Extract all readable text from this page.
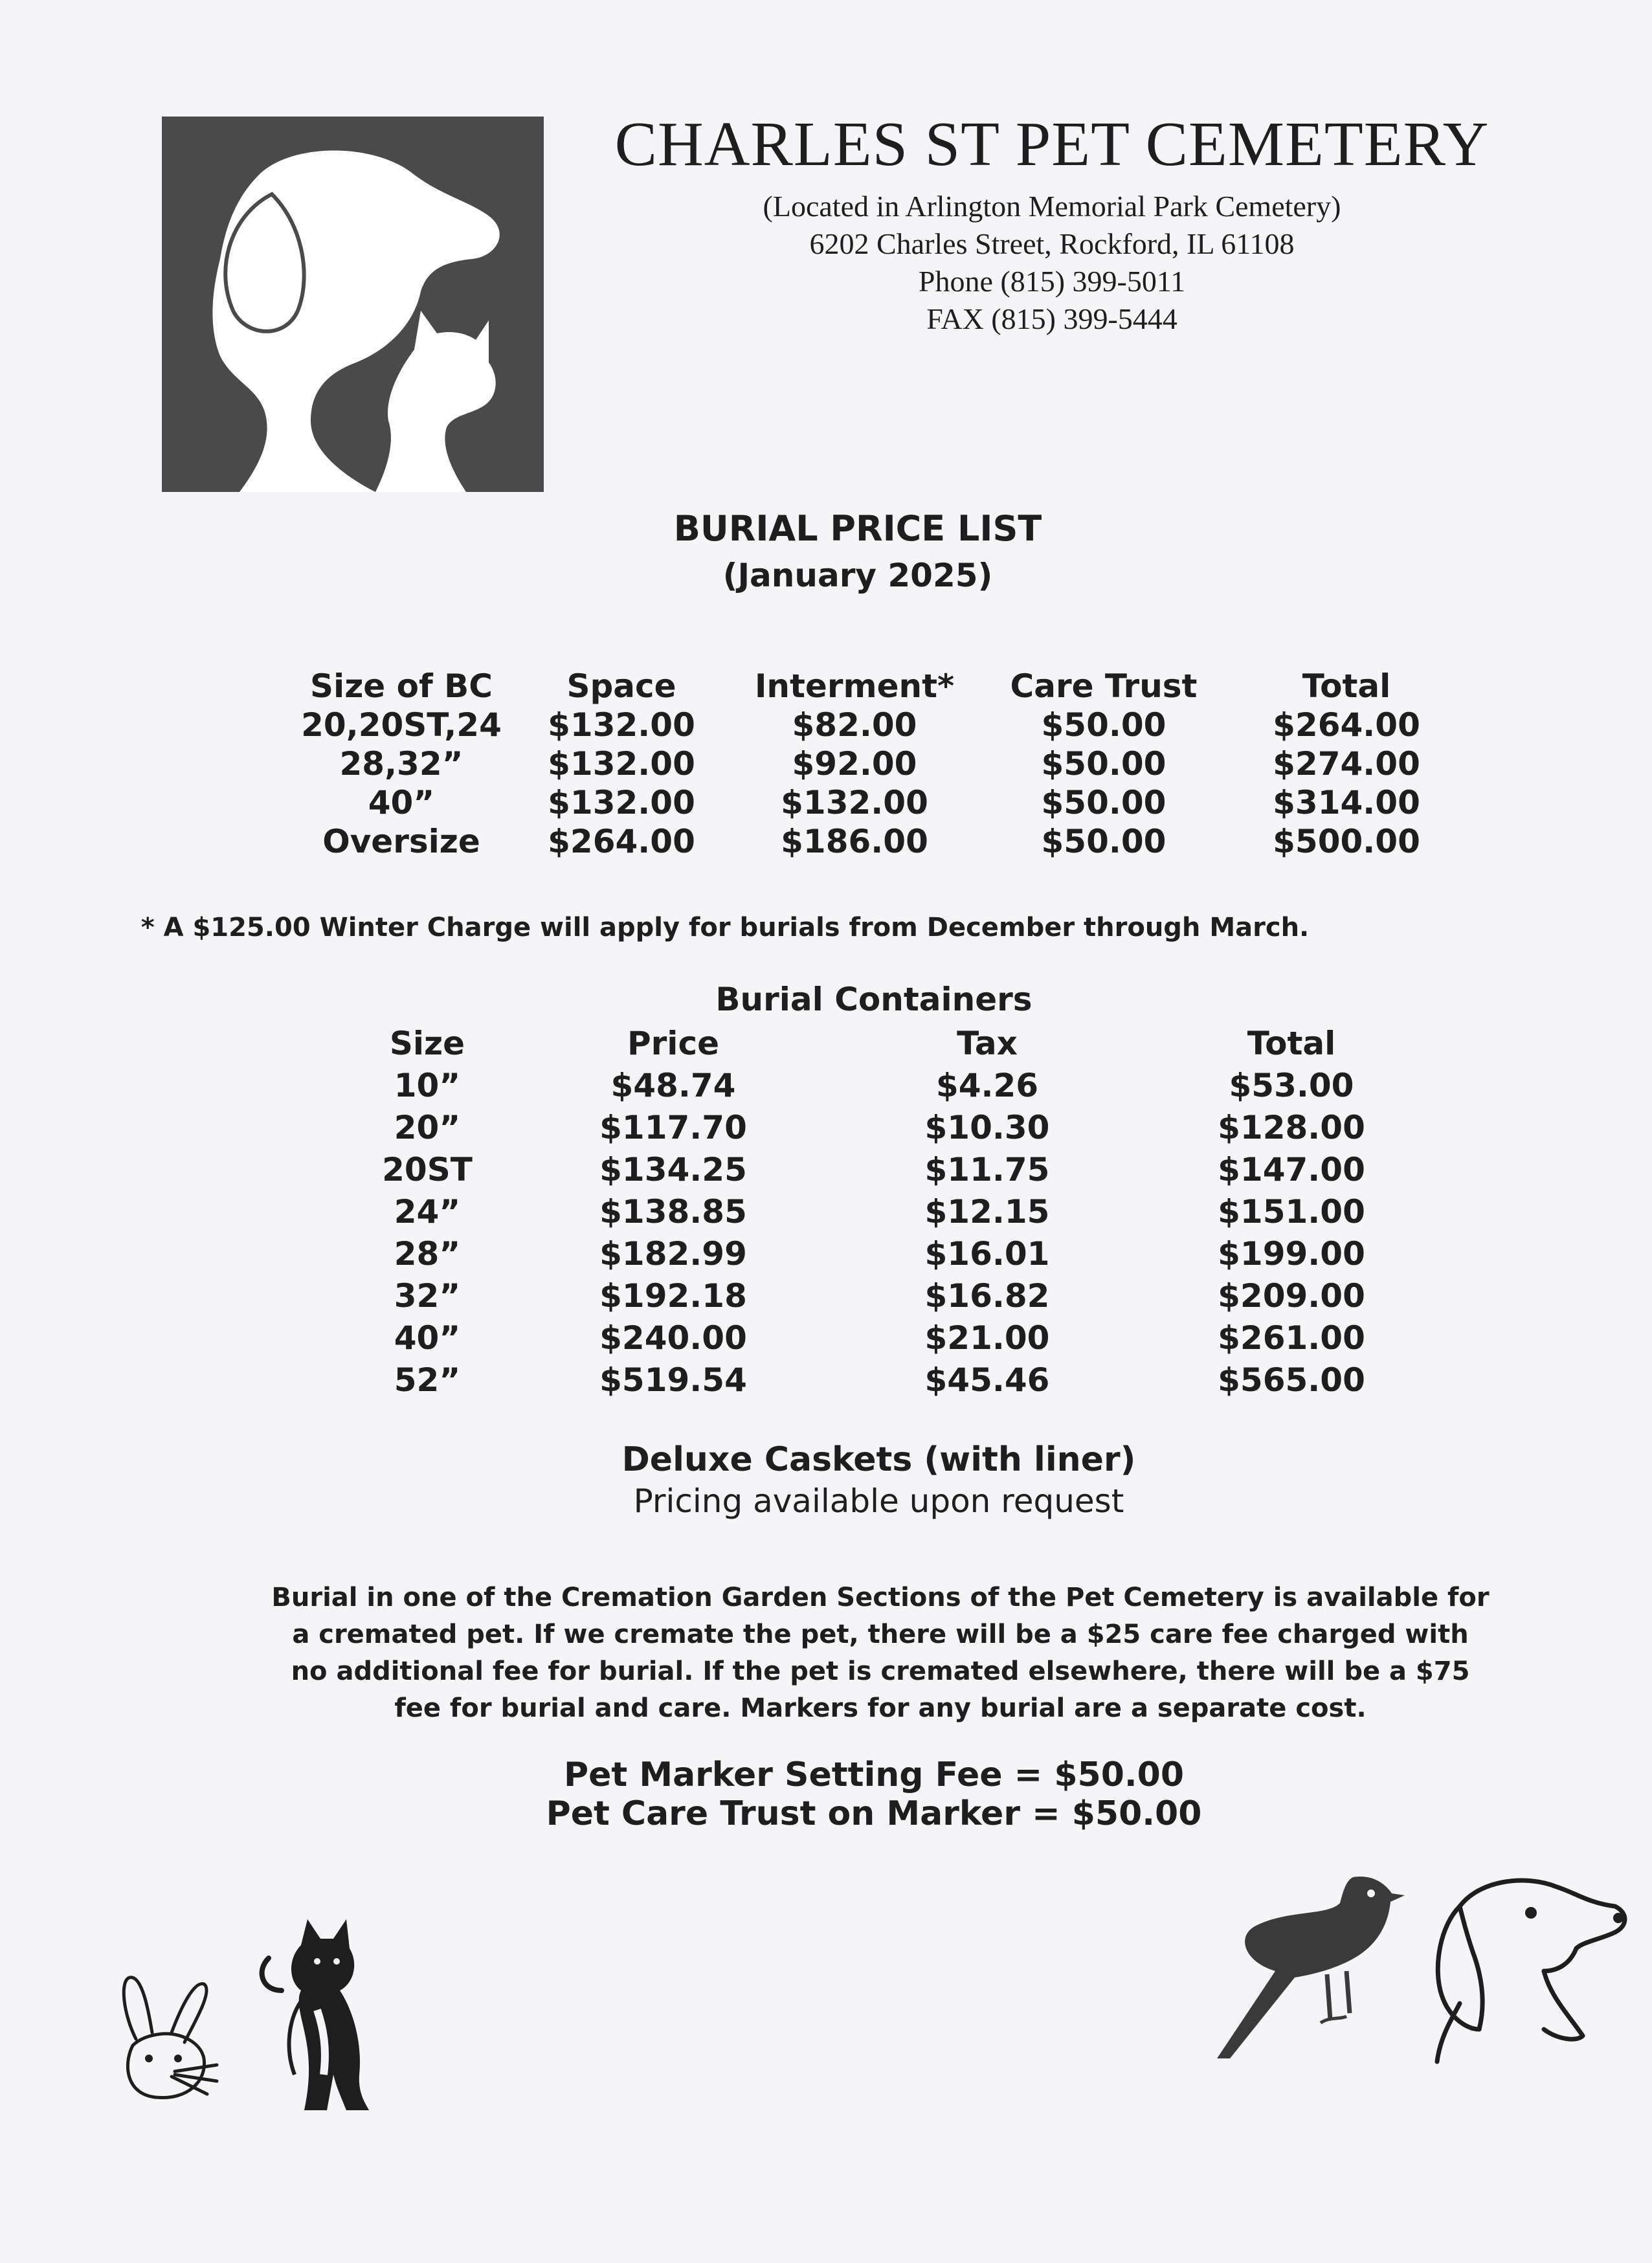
CHARLES ST PET CEMETERY
(Located in Arlington Memorial Park Cemetery)
6202 Charles Street, Rockford, IL 61108
Phone (815) 399-5011
FAX (815) 399-5444
BURIAL PRICE LIST
(January 2025)
Size of BC	Space	Interment*	Care Trust	Total
20,20ST,24	$132.00	$82.00	$50.00	$264.00
28,32”	$132.00	$92.00	$50.00	$274.00
40”	$132.00	$132.00	$50.00	$314.00
Oversize	$264.00	$186.00	$50.00	$500.00
* A $125.00 Winter Charge will apply for burials from December through March.
Burial Containers
Size	Price	Tax	Total
10”	$48.74	$4.26	$53.00
20”	$117.70	$10.30	$128.00
20ST	$134.25	$11.75	$147.00
24”	$138.85	$12.15	$151.00
28”	$182.99	$16.01	$199.00
32”	$192.18	$16.82	$209.00
40”	$240.00	$21.00	$261.00
52”	$519.54	$45.46	$565.00
Deluxe Caskets (with liner)
Pricing available upon request
Burial in one of the Cremation Garden Sections of the Pet Cemetery is available for
a cremated pet. If we cremate the pet, there will be a $25 care fee charged with
no additional fee for burial. If the pet is cremated elsewhere, there will be a $75
fee for burial and care. Markers for any burial are a separate cost.
Pet Marker Setting Fee = $50.00
Pet Care Trust on Marker = $50.00
